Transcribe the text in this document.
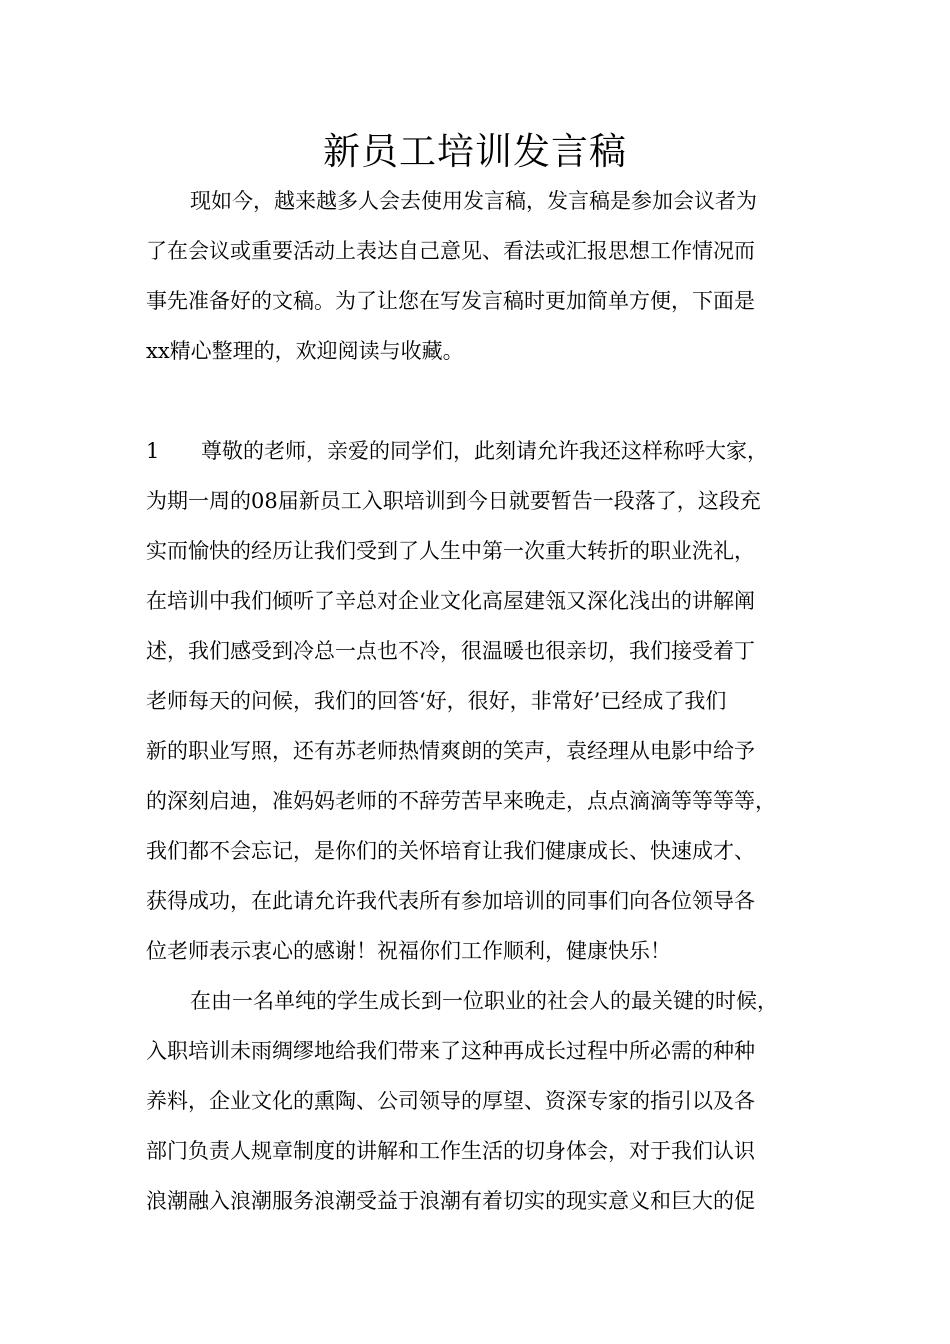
新员工培训发言稿
现如今，越来越多人会去使用发言稿，发言稿是参加会议者为
了在会议或重要活动上表达自己意见、看法或汇报思想工作情况而
事先准备好的文稿。为了让您在写发言稿时更加简单方便，下面是
xx精心整理的，欢迎阅读与收藏。
1 尊敬的老师，亲爱的同学们，此刻请允许我还这样称呼大家，
为期一周的08届新员工入职培训到今日就要暂告一段落了，这段充
实而愉快的经历让我们受到了人生中第一次重大转折的职业洗礼，
在培训中我们倾听了辛总对企业文化高屋建瓴又深化浅出的讲解阐
述，我们感受到冷总一点也不冷，很温暖也很亲切，我们接受着丁
老师每天的问候，我们的回答‘好，很好，非常好’已经成了我们
新的职业写照，还有苏老师热情爽朗的笑声，袁经理从电影中给予
的深刻启迪，准妈妈老师的不辞劳苦早来晚走，点点滴滴等等等等，
我们都不会忘记，是你们的关怀培育让我们健康成长、快速成才、
获得成功，在此请允许我代表所有参加培训的同事们向各位领导各
位老师表示衷心的感谢！祝福你们工作顺利，健康快乐！
在由一名单纯的学生成长到一位职业的社会人的最关键的时候，
入职培训未雨绸缪地给我们带来了这种再成长过程中所必需的种种
养料，企业文化的熏陶、公司领导的厚望、资深专家的指引以及各
部门负责人规章制度的讲解和工作生活的切身体会，对于我们认识
浪潮融入浪潮服务浪潮受益于浪潮有着切实的现实意义和巨大的促
